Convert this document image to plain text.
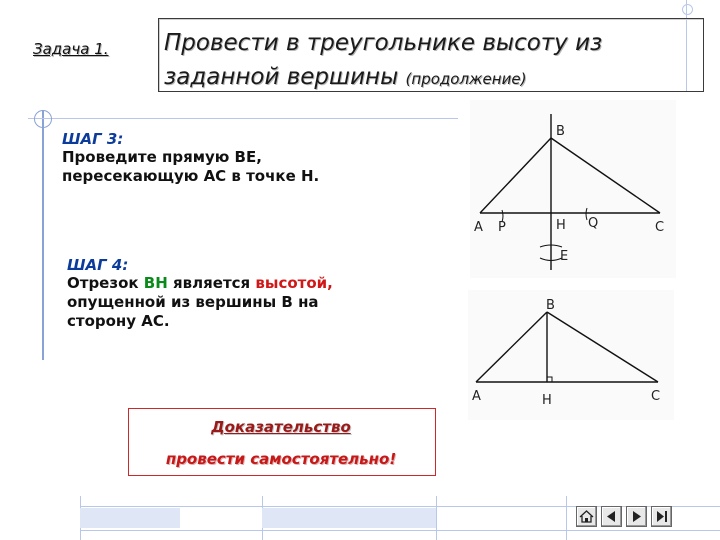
Задача 1. Провести в треугольнике высоту из
заданной вершины (продолжение)
ШАГ 3:
Проведите прямую ВЕ,
пересекающую АС в точке Н.
ШАГ 4:
Отрезок ВН является высотой,
опущенной из вершины В на
сторону АС.
Доказательство
провести самостоятельно!
B
A P	H Q	C
E
B
A	H	C
